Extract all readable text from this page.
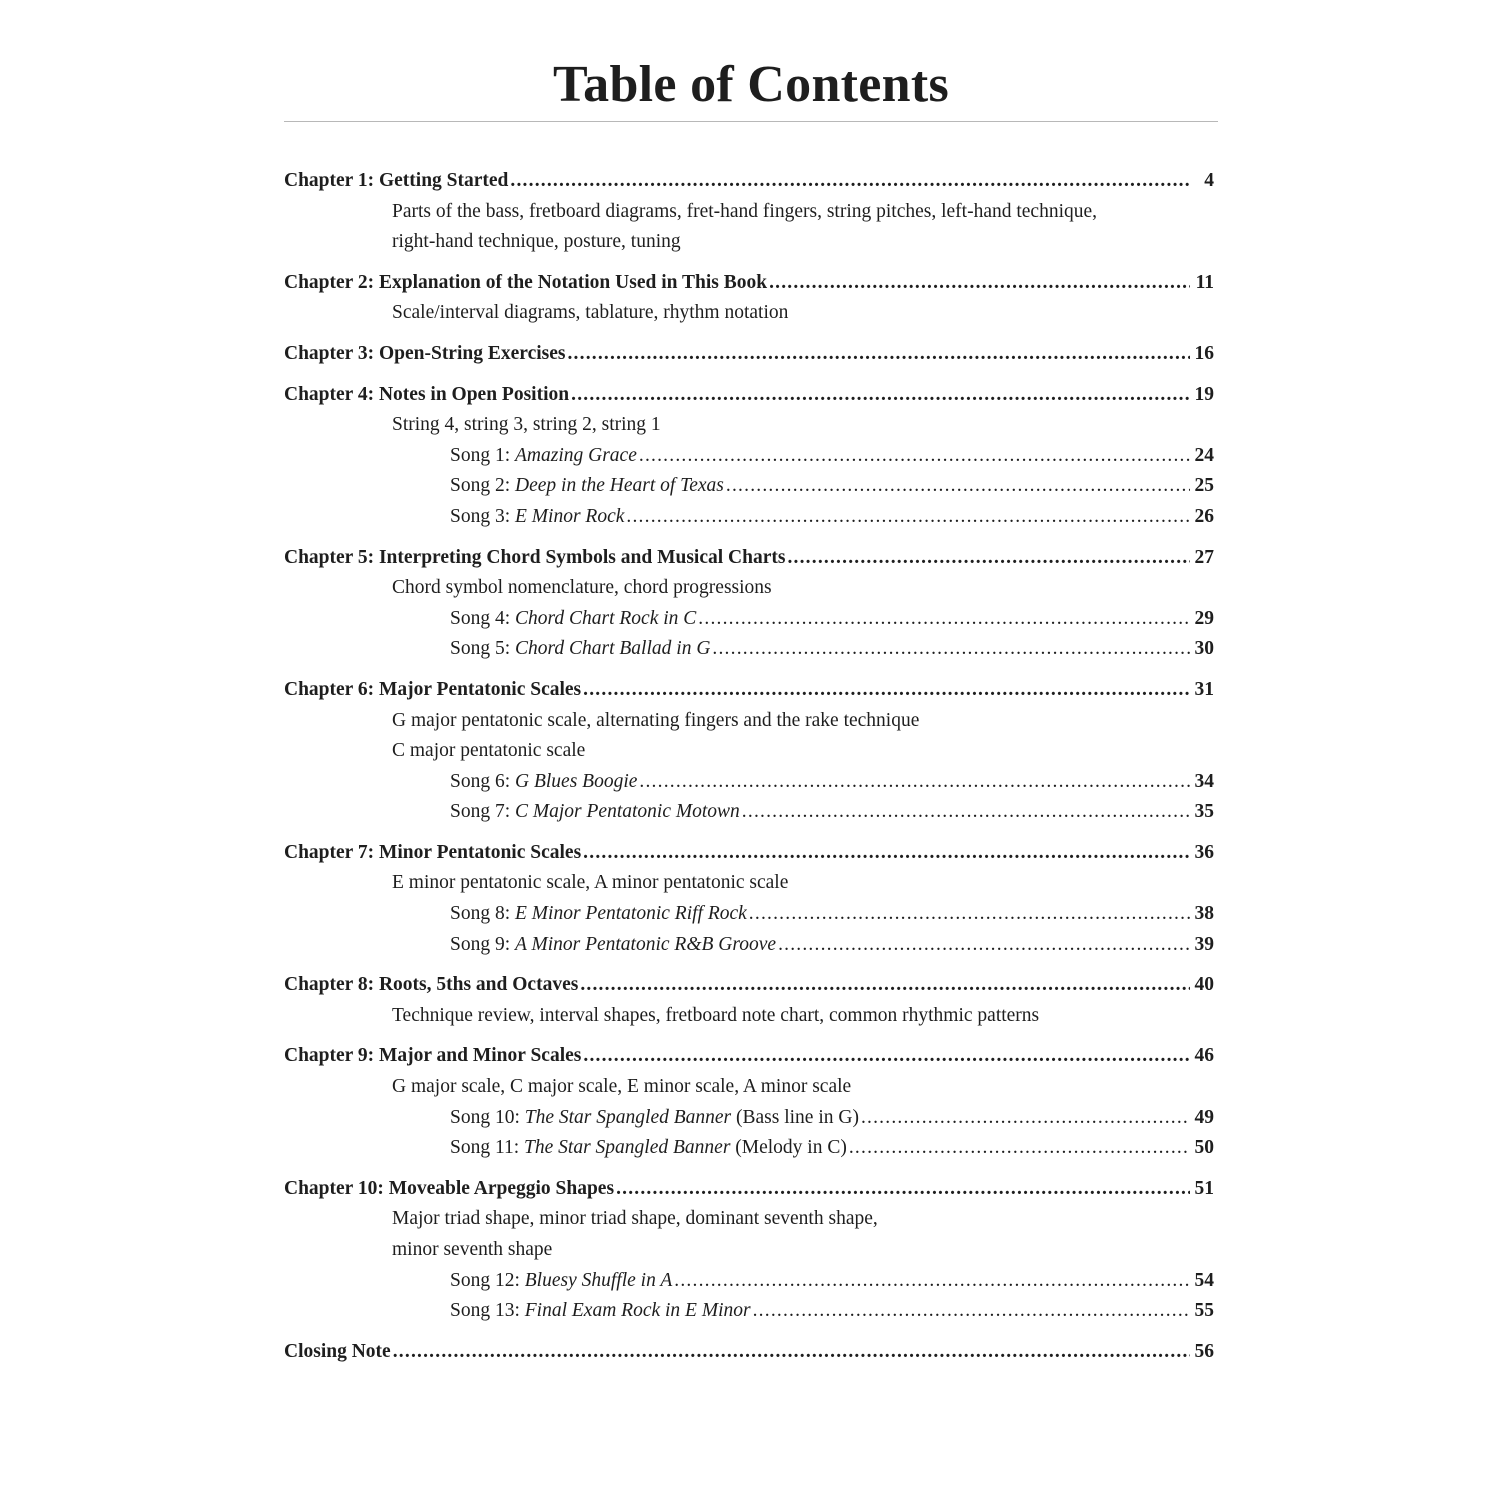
Table of Contents
Chapter 1: Getting Started .....	4
Parts of the bass, fretboard diagrams, fret-hand fingers, string pitches, left-hand technique,
right-hand technique, posture, tuning
Chapter 2: Explanation of the Notation Used in This Book .....	11
Scale/interval diagrams, tablature, rhythm notation
Chapter 3: Open-String Exercises .....	16
Chapter 4: Notes in Open Position .....	19
String 4, string 3, string 2, string 1
Song 1: Amazing Grace .....	24
Song 2: Deep in the Heart of Texas .....	25
Song 3: E Minor Rock .....	26
Chapter 5: Interpreting Chord Symbols and Musical Charts .....	27
Chord symbol nomenclature, chord progressions
Song 4: Chord Chart Rock in C .....	29
Song 5: Chord Chart Ballad in G .....	30
Chapter 6: Major Pentatonic Scales .....	31
G major pentatonic scale, alternating fingers and the rake technique
C major pentatonic scale
Song 6: G Blues Boogie .....	34
Song 7: C Major Pentatonic Motown .....	35
Chapter 7: Minor Pentatonic Scales .....	36
E minor pentatonic scale, A minor pentatonic scale
Song 8: E Minor Pentatonic Riff Rock .....	38
Song 9: A Minor Pentatonic R&B Groove .....	39
Chapter 8: Roots, 5ths and Octaves .....	40
Technique review, interval shapes, fretboard note chart, common rhythmic patterns
Chapter 9: Major and Minor Scales .....	46
G major scale, C major scale, E minor scale, A minor scale
Song 10: The Star Spangled Banner (Bass line in G) .....	49
Song 11: The Star Spangled Banner (Melody in C) .....	50
Chapter 10: Moveable Arpeggio Shapes .....	51
Major triad shape, minor triad shape, dominant seventh shape,
minor seventh shape
Song 12: Bluesy Shuffle in A .....	54
Song 13: Final Exam Rock in E Minor .....	55
Closing Note .....	56
